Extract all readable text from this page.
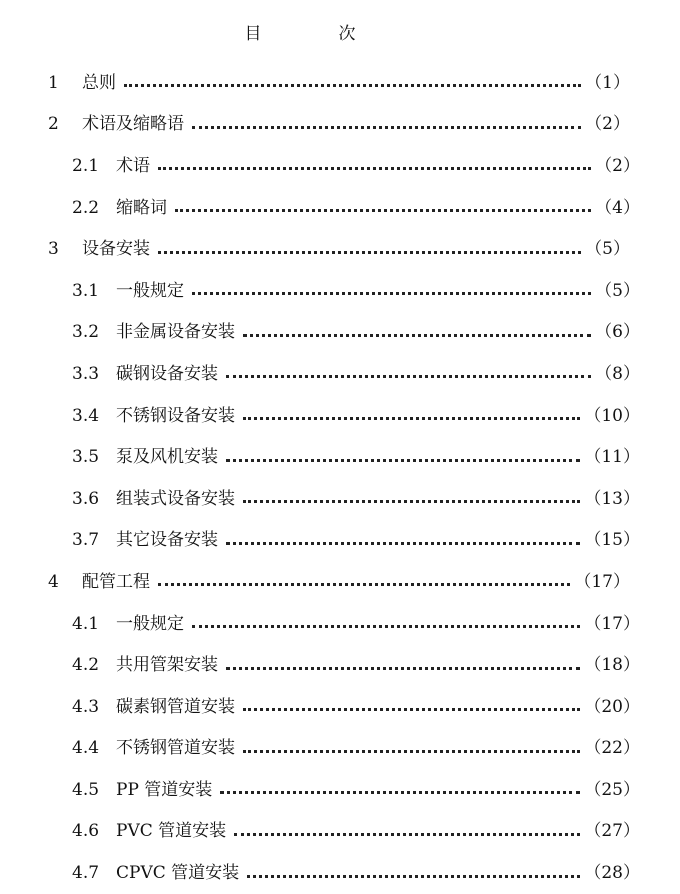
目　次
1	总则	（1）
2	术语及缩略语	（2）
2.1 术语	（2）
2.2 缩略词	（4）
3	设备安装	（5）
3.1 一般规定	（5）
3.2 非金属设备安装	（6）
3.3 碳钢设备安装	（8）
3.4 不锈钢设备安装	（10）
3.5 泵及风机安装	（11）
3.6 组装式设备安装	（13）
3.7 其它设备安装	（15）
4	配管工程	（17）
4.1 一般规定	（17）
4.2 共用管架安装	（18）
4.3 碳素钢管道安装	（20）
4.4 不锈钢管道安装	（22）
4.5 PP 管道安装	（25）
4.6 PVC 管道安装	（27）
4.7 CPVC 管道安装	（28）
